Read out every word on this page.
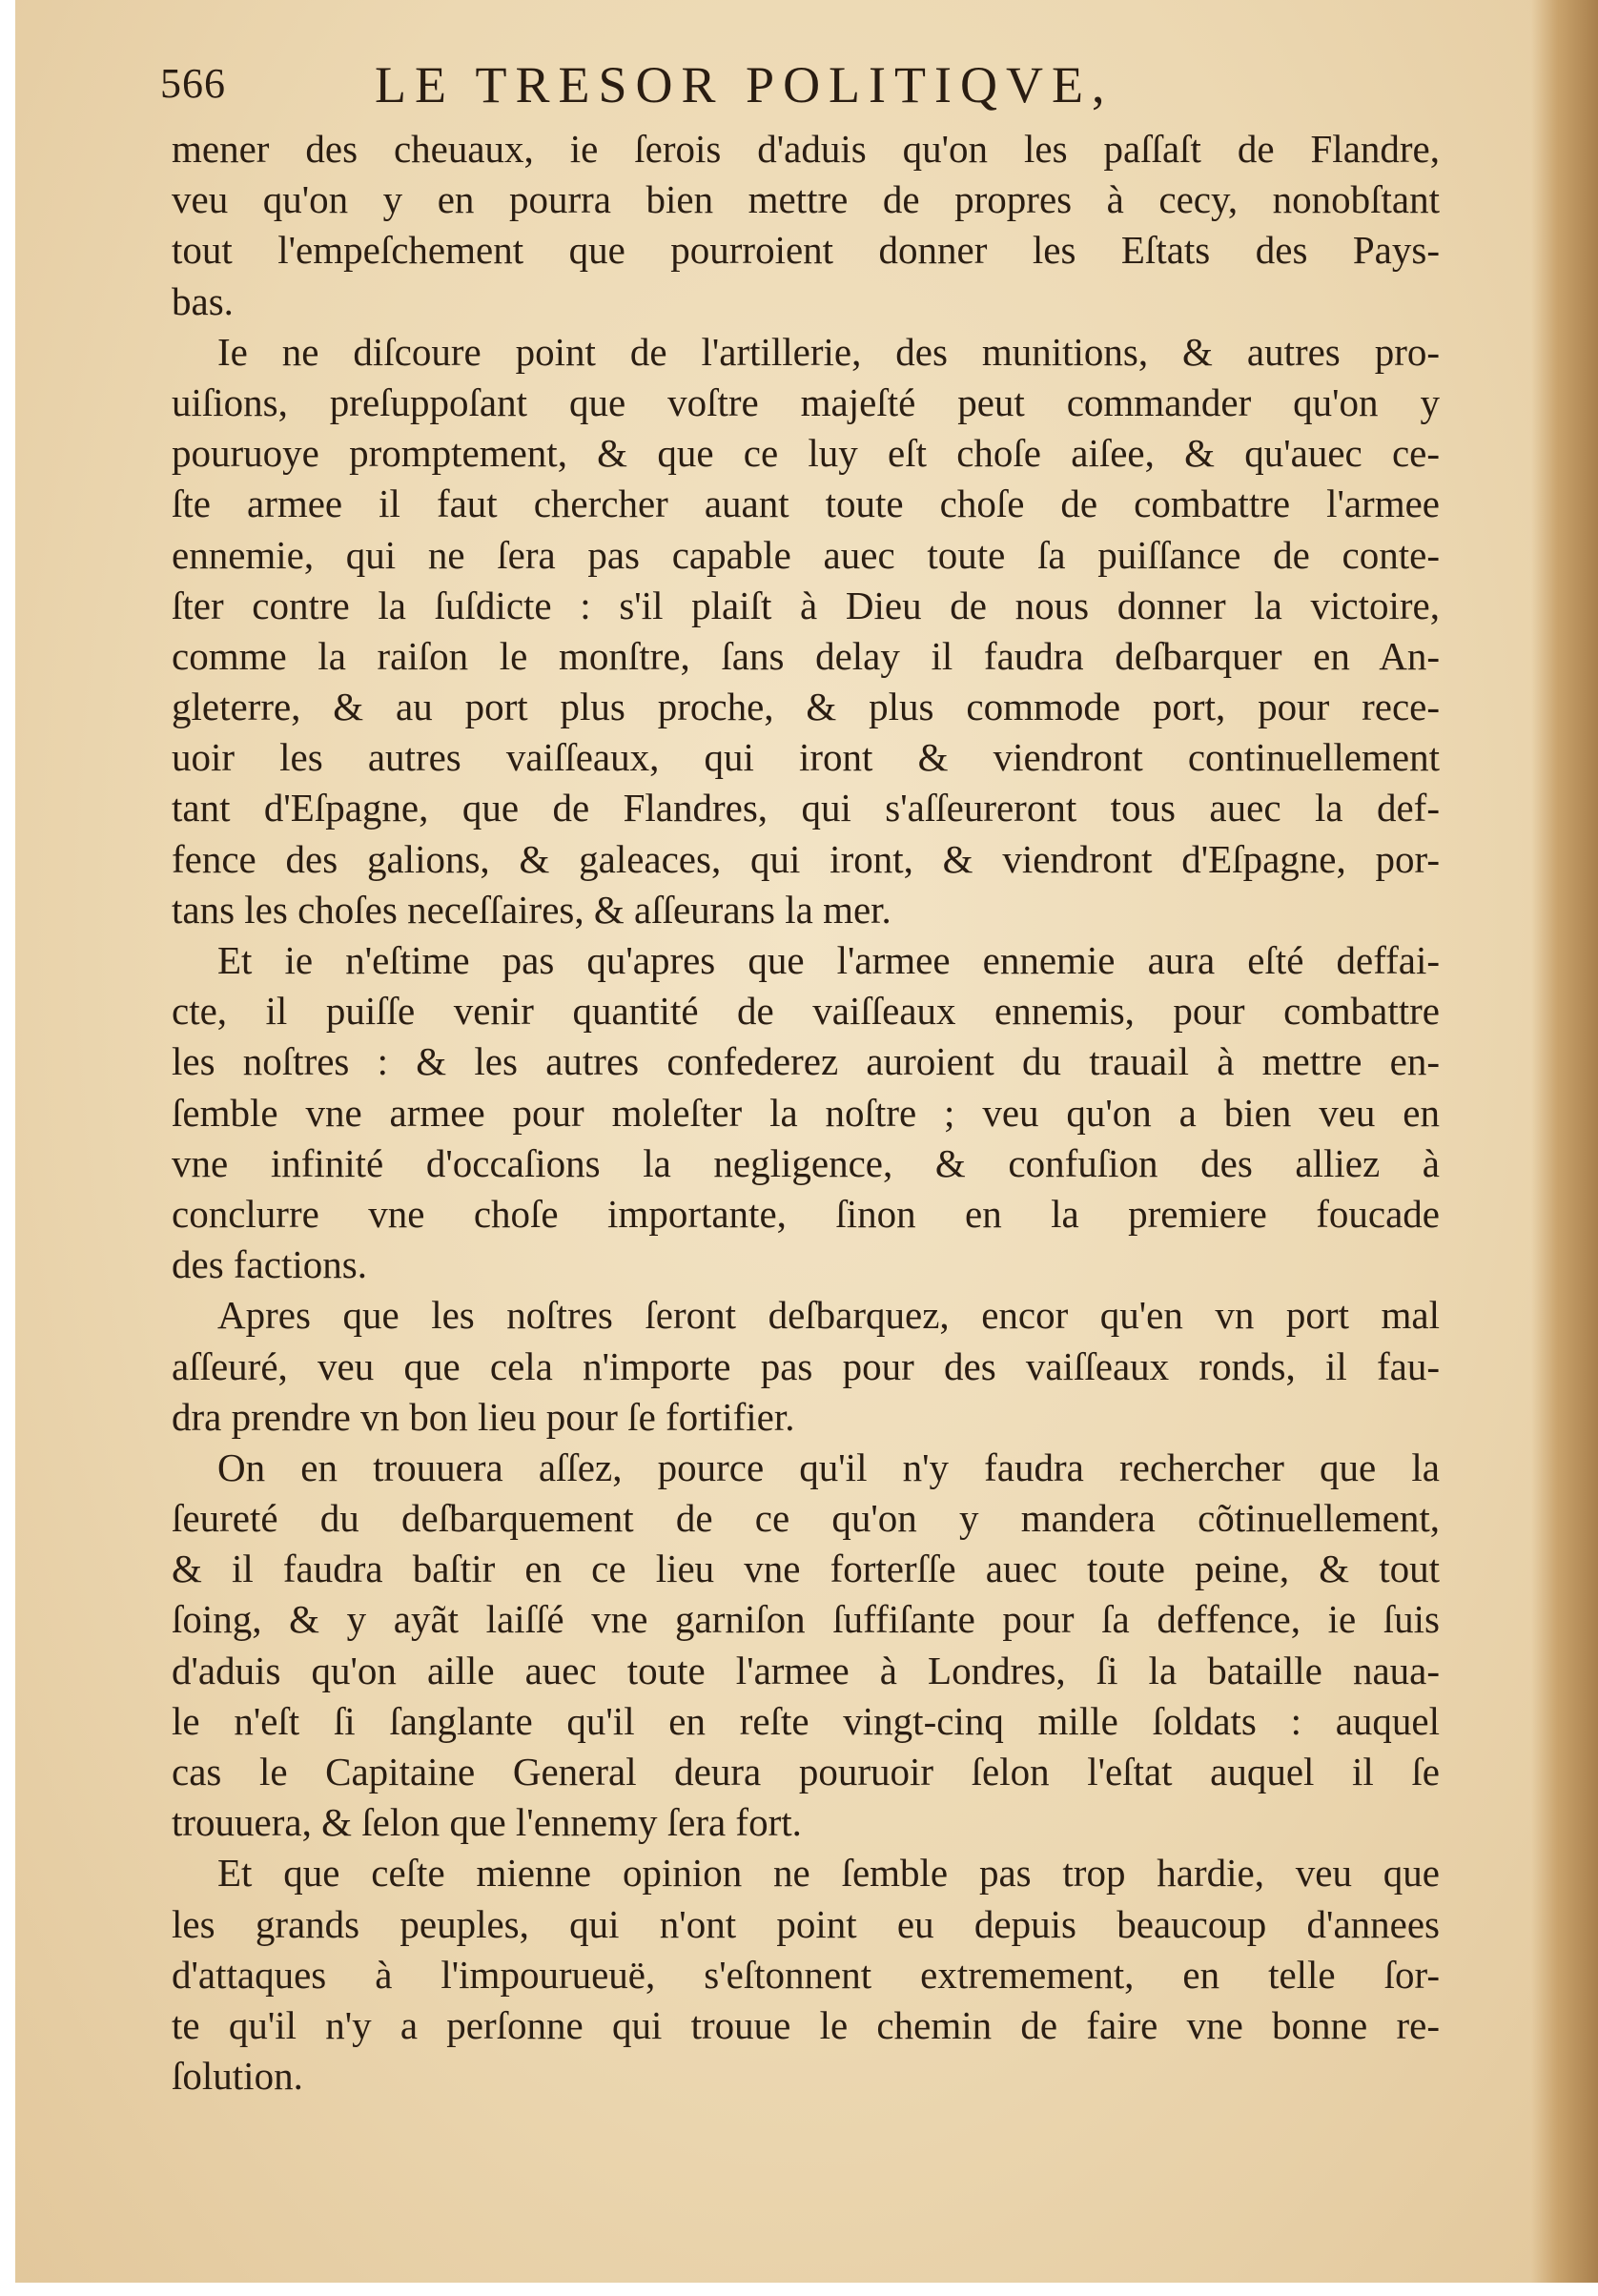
566	LE TRESOR POLITIQVE,
mener des cheuaux, ie ſerois d'aduis qu'on les paſſaſt de Flandre,
veu qu'on y en pourra bien mettre de propres à cecy, nonobſtant
tout l'empeſchement que pourroient donner les Eſtats des Pays-
bas.
Ie ne diſcoure point de l'artillerie, des munitions, & autres pro-
uiſions, preſuppoſant que voſtre majeſté peut commander qu'on y
pouruoye promptement, & que ce luy eſt choſe aiſee, & qu'auec ce-
ſte armee il faut chercher auant toute choſe de combattre l'armee
ennemie, qui ne ſera pas capable auec toute ſa puiſſance de conte-
ſter contre la ſuſdicte : s'il plaiſt à Dieu de nous donner la victoire,
comme la raiſon le monſtre, ſans delay il faudra deſbarquer en An-
gleterre, & au port plus proche, & plus commode port, pour rece-
uoir les autres vaiſſeaux, qui iront & viendront continuellement
tant d'Eſpagne, que de Flandres, qui s'aſſeureront tous auec la def-
fence des galions, & galeaces, qui iront, & viendront d'Eſpagne, por-
tans les choſes neceſſaires, & aſſeurans la mer.
Et ie n'eſtime pas qu'apres que l'armee ennemie aura eſté deffai-
cte, il puiſſe venir quantité de vaiſſeaux ennemis, pour combattre
les noſtres : & les autres confederez auroient du trauail à mettre en-
ſemble vne armee pour moleſter la noſtre ; veu qu'on a bien veu en
vne infinité d'occaſions la negligence, & confuſion des alliez à
conclurre vne choſe importante, ſinon en la premiere foucade
des factions.
Apres que les noſtres ſeront deſbarquez, encor qu'en vn port mal
aſſeuré, veu que cela n'importe pas pour des vaiſſeaux ronds, il fau-
dra prendre vn bon lieu pour ſe fortifier.
On en trouuera aſſez, pource qu'il n'y faudra rechercher que la
ſeureté du deſbarquement de ce qu'on y mandera cõtinuellement,
& il faudra baſtir en ce lieu vne forterſſe auec toute peine, & tout
ſoing, & y ayãt laiſſé vne garniſon ſuffiſante pour ſa deffence, ie ſuis
d'aduis qu'on aille auec toute l'armee à Londres, ſi la bataille naua-
le n'eſt ſi ſanglante qu'il en reſte vingt-cinq mille ſoldats : auquel
cas le Capitaine General deura pouruoir ſelon l'eſtat auquel il ſe
trouuera, & ſelon que l'ennemy ſera fort.
Et que ceſte mienne opinion ne ſemble pas trop hardie, veu que
les grands peuples, qui n'ont point eu depuis beaucoup d'annees
d'attaques à l'impourueuë, s'eſtonnent extremement, en telle ſor-
te qu'il n'y a perſonne qui trouue le chemin de faire vne bonne re-
ſolution.
